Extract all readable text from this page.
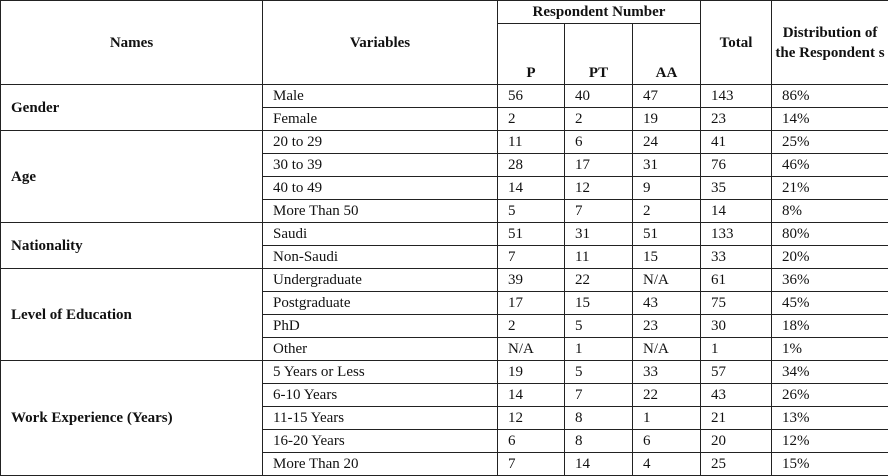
Names	Variables	Respondent Number			Total	Distribution of the Respondent s
		P	PT	AA		
Gender	Male	56	40	47	143	86%
	Female	2	2	19	23	14%
Age	20 to 29	11	6	24	41	25%
	30 to 39	28	17	31	76	46%
	40 to 49	14	12	9	35	21%
	More Than 50	5	7	2	14	8%
Nationality	Saudi	51	31	51	133	80%
	Non-Saudi	7	11	15	33	20%
Level of Education	Undergraduate	39	22	N/A	61	36%
	Postgraduate	17	15	43	75	45%
	PhD	2	5	23	30	18%
	Other	N/A	1	N/A	1	1%
Work Experience (Years)	5 Years or Less	19	5	33	57	34%
	6-10 Years	14	7	22	43	26%
	11-15 Years	12	8	1	21	13%
	16-20 Years	6	8	6	20	12%
	More Than 20	7	14	4	25	15%
